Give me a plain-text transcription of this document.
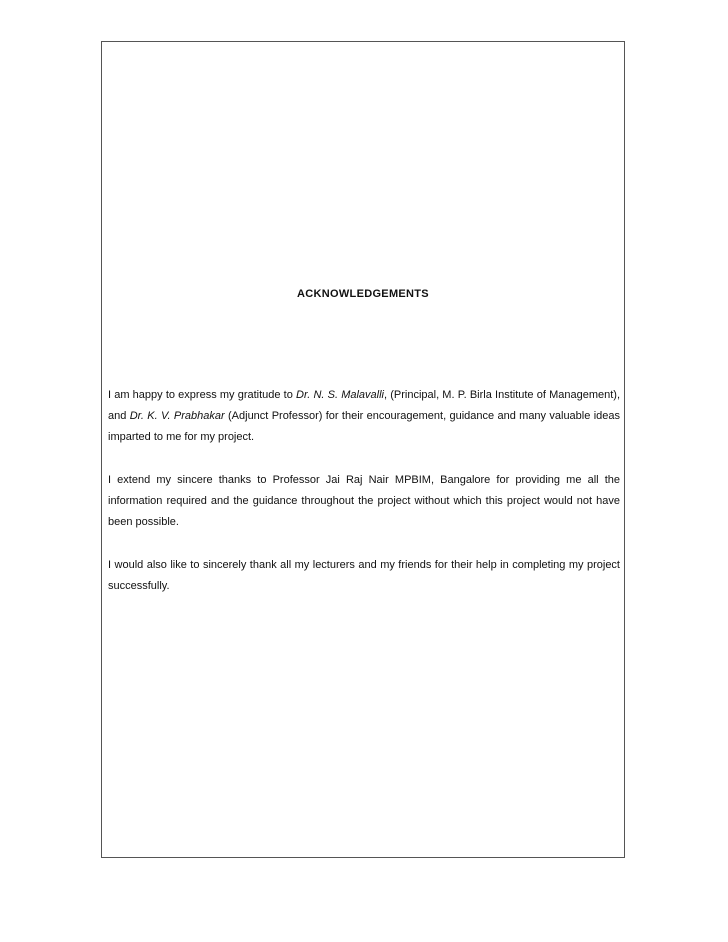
ACKNOWLEDGEMENTS

I am happy to express my gratitude to Dr. N. S. Malavalli, (Principal, M. P. Birla Institute of Management), and Dr. K. V. Prabhakar (Adjunct Professor) for their encouragement, guidance and many valuable ideas imparted to me for my project.

I extend my sincere thanks to Professor Jai Raj Nair MPBIM, Bangalore for providing me all the information required and the guidance throughout the project without which this project would not have been possible.

I would also like to sincerely thank all my lecturers and my friends for their help in completing my project successfully.
